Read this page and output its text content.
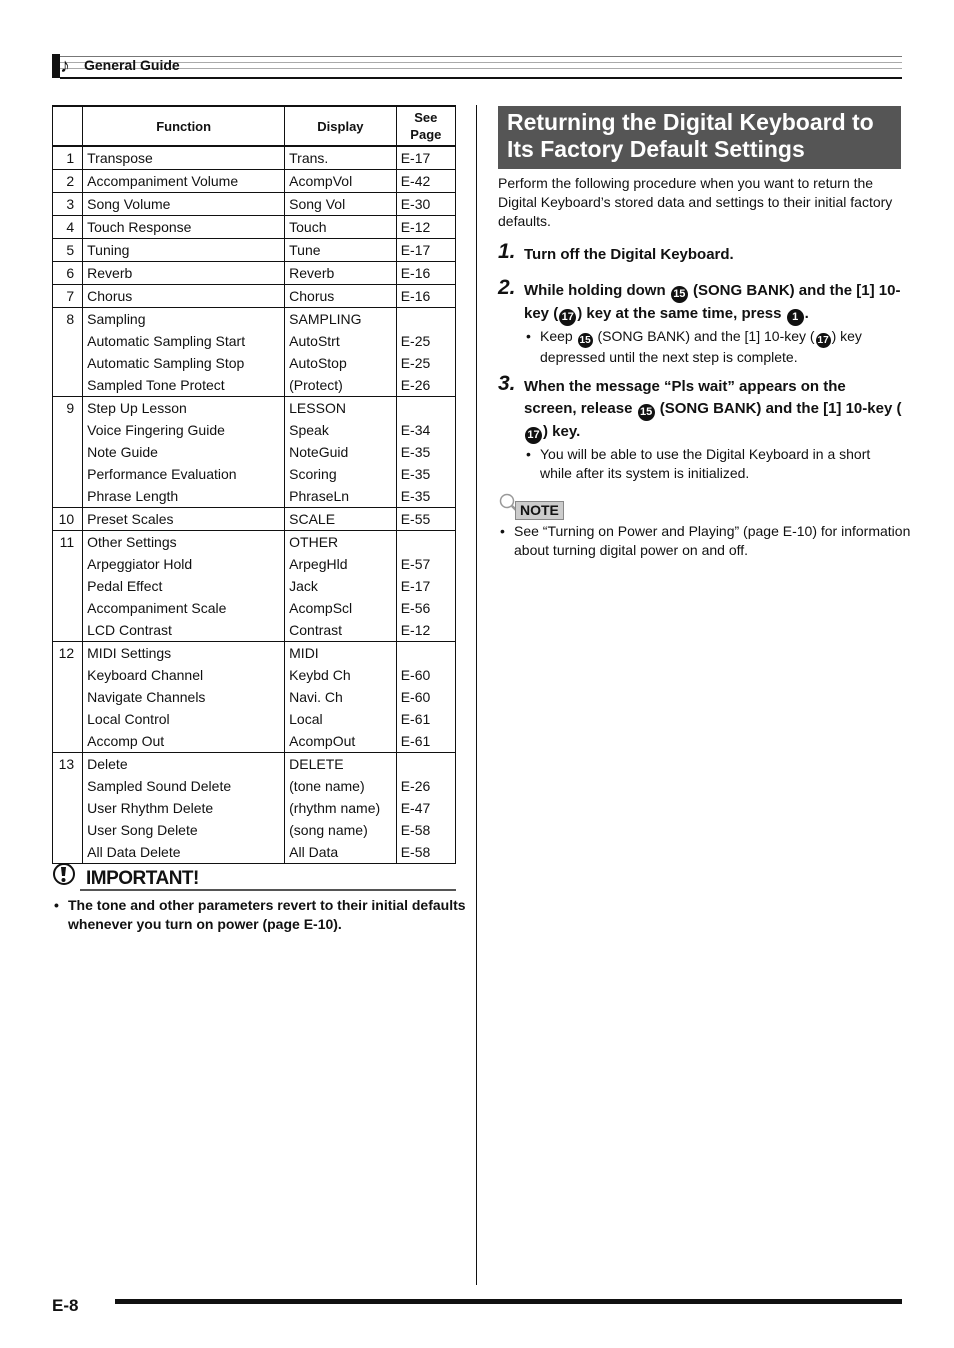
♪ General Guide
	Function	Display	See Page
1	Transpose	Trans.	E-17
2	Accompaniment Volume	AcompVol	E-42
3	Song Volume	Song Vol	E-30
4	Touch Response	Touch	E-12
5	Tuning	Tune	E-17
6	Reverb	Reverb	E-16
7	Chorus	Chorus	E-16
8	Sampling	SAMPLING	
	Automatic Sampling Start	AutoStrt	E-25
	Automatic Sampling Stop	AutoStop	E-25
	Sampled Tone Protect	(Protect)	E-26
9	Step Up Lesson	LESSON	
	Voice Fingering Guide	Speak	E-34
	Note Guide	NoteGuid	E-35
	Performance Evaluation	Scoring	E-35
	Phrase Length	PhraseLn	E-35
10	Preset Scales	SCALE	E-55
11	Other Settings	OTHER	
	Arpeggiator Hold	ArpegHld	E-57
	Pedal Effect	Jack	E-17
	Accompaniment Scale	AcompScl	E-56
	LCD Contrast	Contrast	E-12
12	MIDI Settings	MIDI	
	Keyboard Channel	Keybd Ch	E-60
	Navigate Channels	Navi. Ch	E-60
	Local Control	Local	E-61
	Accomp Out	AcompOut	E-61
13	Delete	DELETE	
	Sampled Sound Delete	(tone name)	E-26
	User Rhythm Delete	(rhythm name)	E-47
	User Song Delete	(song name)	E-58
	All Data Delete	All Data	E-58
IMPORTANT!
• The tone and other parameters revert to their initial defaults whenever you turn on power (page E-10).
Returning the Digital Keyboard to Its Factory Default Settings
Perform the following procedure when you want to return the Digital Keyboard’s stored data and settings to their initial factory defaults.
1. Turn off the Digital Keyboard.
2. While holding down 15 (SONG BANK) and the [1] 10-key ( 17 ) key at the same time, press 1 .
• Keep 15 (SONG BANK) and the [1] 10-key ( 17 ) key depressed until the next step is complete.
3. When the message “Pls wait” appears on the screen, release 15 (SONG BANK) and the [1] 10-key (17 ) key.
• You will be able to use the Digital Keyboard in a short while after its system is initialized.
NOTE
• See “Turning on Power and Playing” (page E-10) for information about turning digital power on and off.
E-8
